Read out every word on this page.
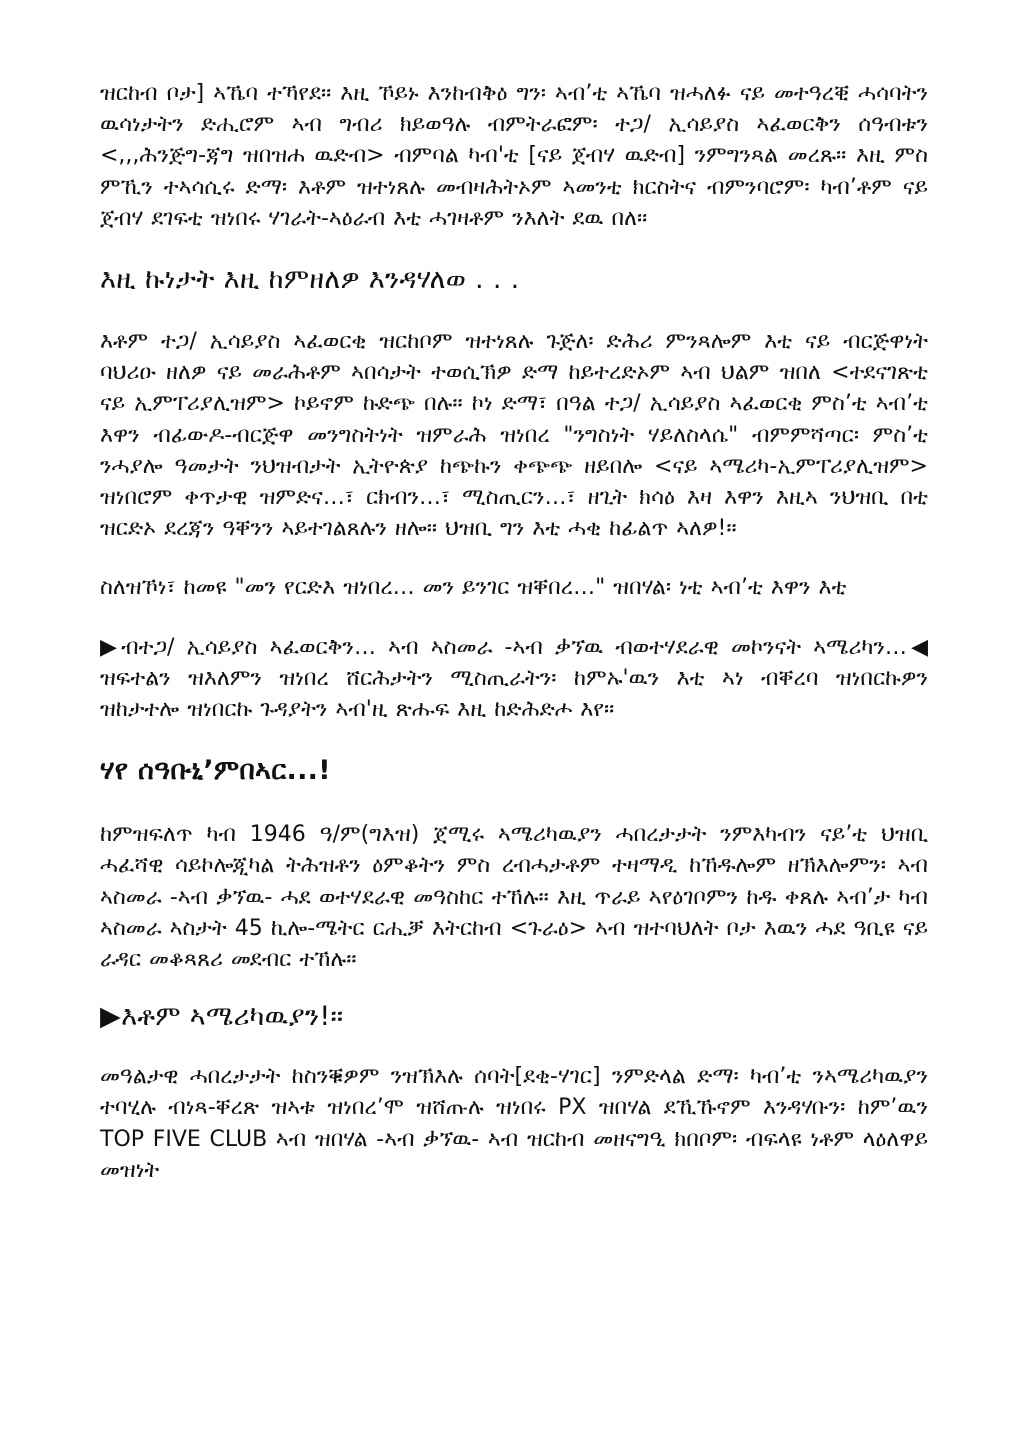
ዝርከብ ቦታ] ኣኼባ ተኻየደ። እዚ ኾይኑ እንከብቅዕ ግን፡ ኣብ’ቲ ኣኼባ ዝሓለፉ ናይ መተዓረቒ ሓሳባትን ዉሳነታትን ድሒሮም ኣብ ግብሪ ክይወዓሉ ብምትራፎም፡ ተጋ/ ኢሳይያስ ኣፈወርቅን ሰዓብቱን <,,,ሕንጅግ-ጃግ ዝበዝሐ ዉድብ> ብምባል ካብ'ቲ [ናይ ጀብሃ ዉድብ] ንምግንጻል መረጹ። እዚ ምስ ምኺን ተኣሳሲሩ ድማ፡ እቶም ዝተነጸሉ መብዛሕትኦም ኣመንቲ ክርስትና ብምንባሮም፡ ካብ’ቶም ናይ ጀብሃ ደገፍቲ ዝነበሩ ሃገራት-ኣዕራብ እቲ ሓገዛቶም ንእለት ደዉ በለ።

እዚ ኩነታት እዚ ከምዘለዎ እንዳሃለወ . . .

እቶም ተጋ/ ኢሳይያስ ኣፈወርቂ ዝርከቦም ዝተነጸሉ ጉጅለ፡ ድሕሪ ምንጻሎም እቲ ናይ ብርጅዋነት ባህሪዑ ዘለዎ ናይ መራሕቶም ኣበሳታት ተወሲኽዎ ድማ ከይተረድኦም ኣብ ህልም ዝበለ <ተደናገጽቲ ናይ ኢምፐሪያሊዝም> ኮይኖም ኩድጭ በሉ። ኮነ ድማ፣ በዓል ተጋ/ ኢሳይያስ ኣፈወርቂ ምስ’ቲ ኣብ’ቲ እዋን ብፊውዶ-ብርጅዋ መንግስትነት ዝምራሕ ዝነበረ "ንግስነት ሃይለስላሴ" ብምምሻጣር፡ ምስ’ቲ ንሓያሎ ዓመታት ንህዝብታት ኢትዮጵያ ከጭኩን ቀጭጭ ዘይበሎ <ናይ ኣሜሪካ-ኢምፐሪያሊዝም> ዝነበሮም ቀጥታዊ ዝምድና…፣ ርክብን…፣ ሚስጢርን…፣ ዘጊት ክሳዕ እዛ እዋን እዚኣ ንህዝቢ በቲ ዝርድኦ ደረጃን ዓቐንን ኣይተገልጸሉን ዘሎ። ህዝቢ ግን እቲ ሓቂ ከፊልጥ ኣለዎ!።

ስለዝኾነ፣ ከመዩ "መን የርድእ ዝነበረ… መን ይንገር ዝቐበረ…" ዝበሃል፡ ነቲ ኣብ’ቲ እዋን እቲ

▶ብተጋ/ ኢሳይያስ ኣፈወርቅን… ኣብ ኣስመራ -ኣብ ቃኘዉ ብወተሃደራዊ መኮንናት ኣሜሪካን…◀ ዝፍተልን ዝእለምን ዝነበረ ሸርሕታትን ሚስጢራትን፡ ከምኡ'ዉን እቲ ኣነ ብቐረባ ዝነበርኩዎን ዝከታተሎ ዝነበርኩ ጉዳያትን ኣብ'ዚ ጽሑፍ እዚ ከድሕድሖ እየ።

ሃየ ሰዓቡኒ’ምበኣር...!

ከምዝፍለጥ ካብ 1946 ዓ/ም(ግእዝ) ጀሚሩ ኣሜሪካዉያን ሓበረታታት ንምእካብን ናይ’ቲ ህዝቢ ሓፈሻዊ ሳይኮሎጂካል ትሕዝቶን ዕምቆትን ምስ ረብሓታቶም ተዛማዲ ከኸዱሎም ዘኽእሎምን፡ ኣብ ኣስመራ -ኣብ ቃኘዉ- ሓደ ወተሃደራዊ መዓስከር ተኸሉ። እዚ ጥራይ ኣየዕገቦምን ከዱ ቀጸሉ ኣብ’ታ ካብ ኣስመራ ኣስታት 45 ኪሎ-ሜትር ርሒቓ እትርከብ <ጉራዕ> ኣብ ዝተባህለት ቦታ እዉን ሓደ ዓቢዩ ናይ ራዳር መቆጻጸሪ መደብር ተኸሉ።

▶እቶም ኣሜሪካዉያን!።

መዓልታዊ ሓበረታታት ከስንቑዎም ንዝኽእሉ ሰባት[ደቂ-ሃገር] ንምድላል ድማ፡ ካብ’ቲ ንኣሜሪካዉያን ተባሂሉ ብነጻ-ቐረጽ ዝኣቱ ዝነበረ’ሞ ዝሸጡሉ ዝነበሩ PX ዝበሃል ደኺኹኖም እንዳሃቡን፡ ከም’ዉን TOP FIVE CLUB ኣብ ዝበሃል -ኣብ ቃኘዉ- ኣብ ዝርከብ መዘናግዒ ክበቦም፡ ብፍላዩ ነቶም ላዕለዋይ መዝነት
